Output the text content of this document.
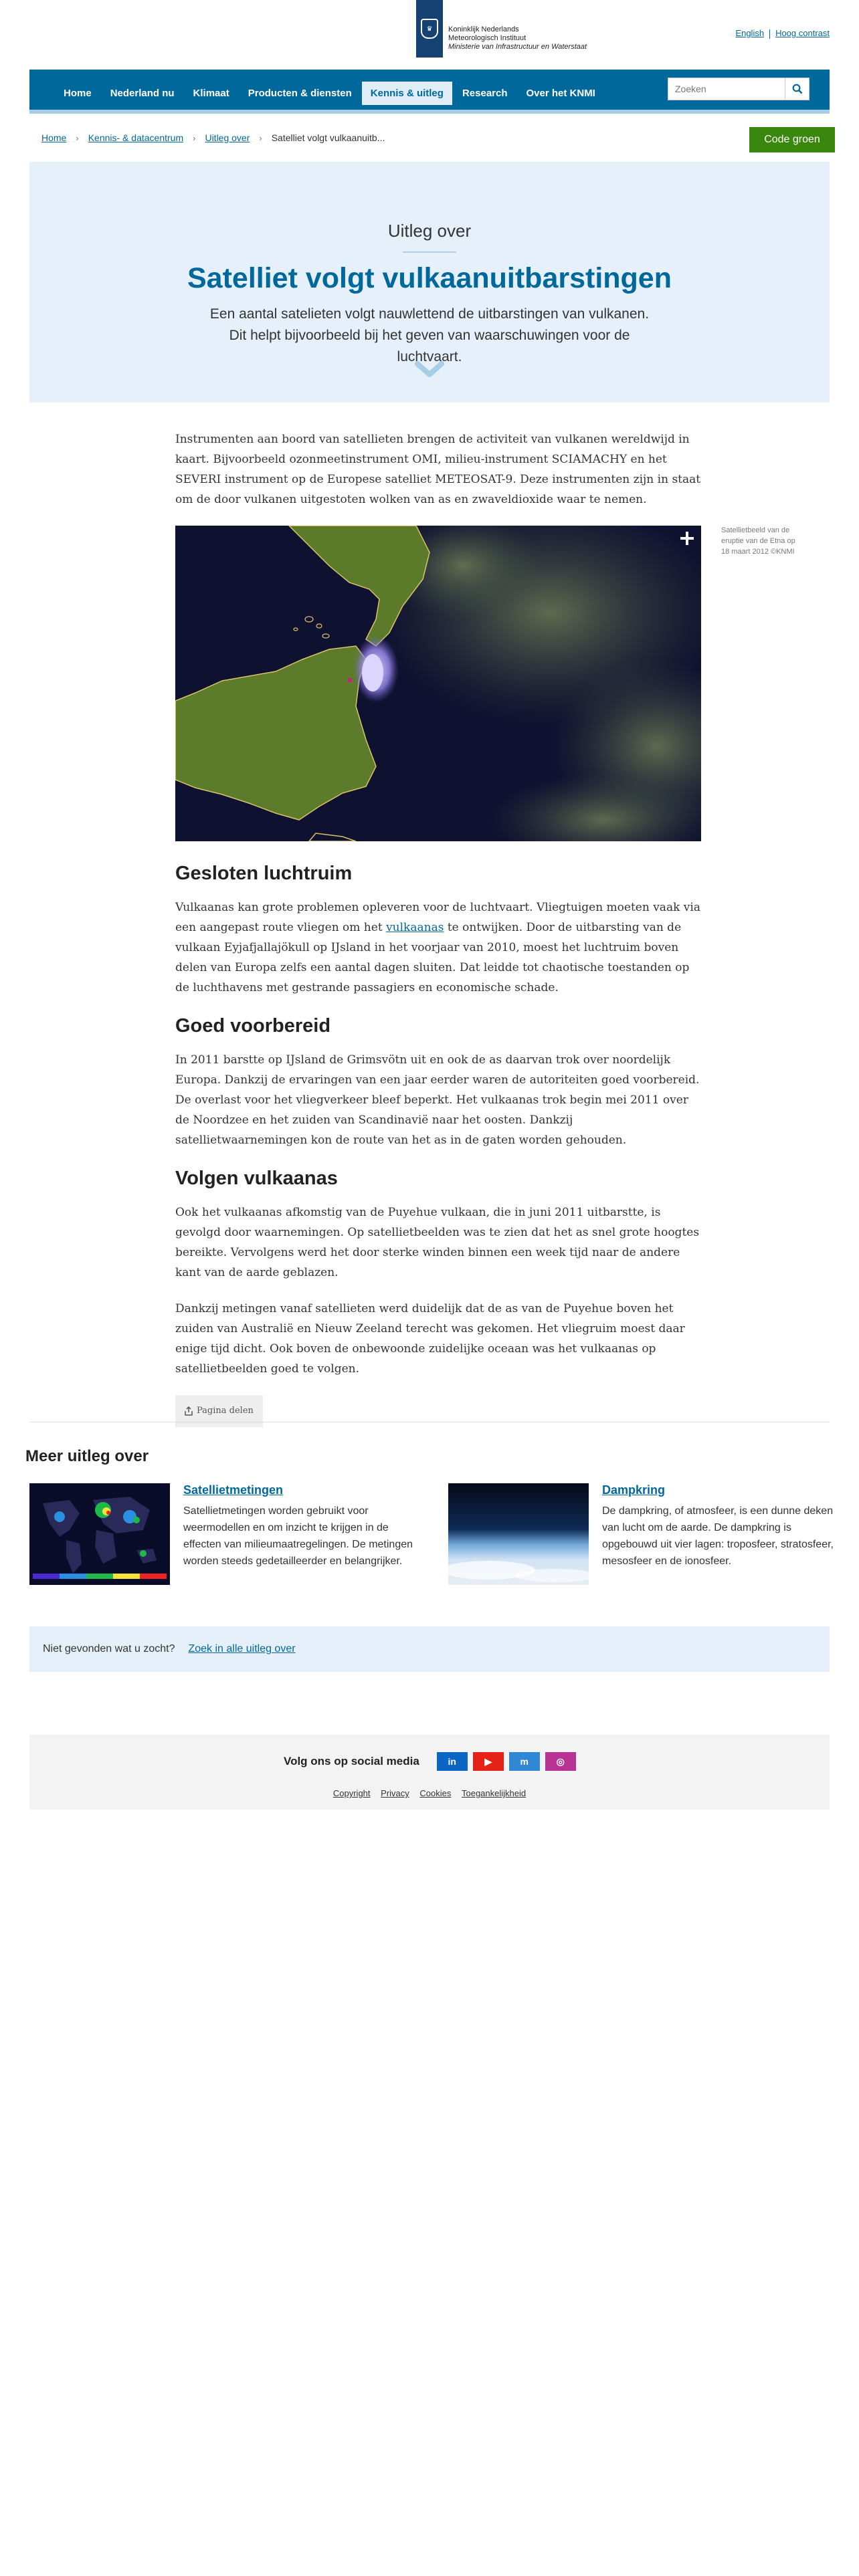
♛	Koninklijk Nederlands
Meteorologisch Instituut
Ministerie van Infrastructuur en Waterstaat
English Hoog contrast
Home	Nederland nu	Klimaat	Producten & diensten	Kennis & uitleg	Research	Over het KNMI
Zoeken
Home › Kennis- & datacentrum › Uitleg over › Satelliet volgt vulkaanuitb...	Code groen
Uitleg over
Satelliet volgt vulkaanuitbarstingen
Een aantal satelieten volgt nauwlettend de uitbarstingen van vulkanen. Dit helpt bijvoorbeeld bij het geven van waarschuwingen voor de luchtvaart.

Instrumenten aan boord van satellieten brengen de activiteit van vulkanen wereldwijd in kaart. Bijvoorbeeld ozonmeetinstrument OMI, milieu-instrument SCIAMACHY en het SEVERI instrument op de Europese satelliet METEOSAT-9. Deze instrumenten zijn in staat om de door vulkanen uitgestoten wolken van as en zwaveldioxide waar te nemen.

Gesloten luchtruim

Vulkaanas kan grote problemen opleveren voor de luchtvaart. Vliegtuigen moeten vaak via een aangepast route vliegen om het vulkaanas te ontwijken. Door de uitbarsting van de vulkaan Eyjafjallajökull op IJsland in het voorjaar van 2010, moest het luchtruim boven delen van Europa zelfs een aantal dagen sluiten. Dat leidde tot chaotische toestanden op de luchthavens met gestrande passagiers en economische schade.

Goed voorbereid

In 2011 barstte op IJsland de Grimsvötn uit en ook de as daarvan trok over noordelijk Europa. Dankzij de ervaringen van een jaar eerder waren de autoriteiten goed voorbereid. De overlast voor het vliegverkeer bleef beperkt. Het vulkaanas trok begin mei 2011 over de Noordzee en het zuiden van Scandinavië naar het oosten. Dankzij satellietwaarnemingen kon de route van het as in de gaten worden gehouden.

Volgen vulkaanas

Ook het vulkaanas afkomstig van de Puyehue vulkaan, die in juni 2011 uitbarstte, is gevolgd door waarnemingen. Op satellietbeelden was te zien dat het as snel grote hoogtes bereikte. Vervolgens werd het door sterke winden binnen een week tijd naar de andere kant van de aarde geblazen.

Dankzij metingen vanaf satellieten werd duidelijk dat de as van de Puyehue boven het zuiden van Australië en Nieuw Zeeland terecht was gekomen. Het vliegruim moest daar enige tijd dicht. Ook boven de onbewoonde zuidelijke oceaan was het vulkaanas op satellietbeelden goed te volgen.

Pagina delen
Satellietbeeld van de eruptie van de Etna op 18 maart 2012 ©KNMI
Meer uitleg over
Satellietmetingen

Satellietmetingen worden gebruikt voor weermodellen en om inzicht te krijgen in de effecten van milieumaatregelingen. De metingen worden steeds gedetailleerder en belangrijker.

Dampkring

De dampkring, of atmosfeer, is een dunne deken van lucht om de aarde. De dampkring is opgebouwd uit vier lagen: troposfeer, stratosfeer, mesosfeer en de ionosfeer.

Niet gevonden wat u zocht? Zoek in alle uitleg over
Volg ons op social media	in	▶	m	◎
Copyright Privacy Cookies Toegankelijkheid
